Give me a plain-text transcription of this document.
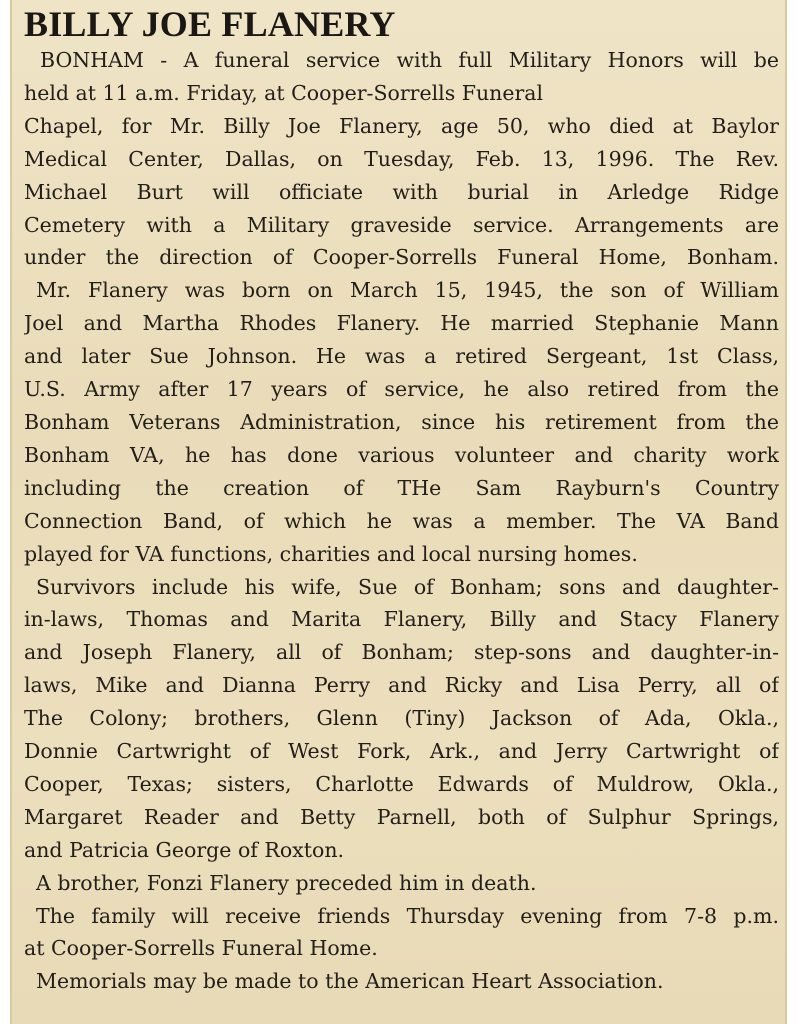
BILLY JOE FLANERY
BONHAM - A funeral service with full Military Honors will be
held at 11 a.m. Friday, at Cooper-Sorrells Funeral
Chapel, for Mr. Billy Joe Flanery, age 50, who died at Baylor
Medical Center, Dallas, on Tuesday, Feb. 13, 1996. The Rev.
Michael Burt will officiate with burial in Arledge Ridge
Cemetery with a Military graveside service. Arrangements are
under the direction of Cooper-Sorrells Funeral Home, Bonham.
Mr. Flanery was born on March 15, 1945, the son of William
Joel and Martha Rhodes Flanery. He married Stephanie Mann
and later Sue Johnson. He was a retired Sergeant, 1st Class,
U.S. Army after 17 years of service, he also retired from the
Bonham Veterans Administration, since his retirement from the
Bonham VA, he has done various volunteer and charity work
including the creation of THe Sam Rayburn's Country
Connection Band, of which he was a member. The VA Band
played for VA functions, charities and local nursing homes.
Survivors include his wife, Sue of Bonham; sons and daughter-
in-laws, Thomas and Marita Flanery, Billy and Stacy Flanery
and Joseph Flanery, all of Bonham; step-sons and daughter-in-
laws, Mike and Dianna Perry and Ricky and Lisa Perry, all of
The Colony; brothers, Glenn (Tiny) Jackson of Ada, Okla.,
Donnie Cartwright of West Fork, Ark., and Jerry Cartwright of
Cooper, Texas; sisters, Charlotte Edwards of Muldrow, Okla.,
Margaret Reader and Betty Parnell, both of Sulphur Springs,
and Patricia George of Roxton.
A brother, Fonzi Flanery preceded him in death.
The family will receive friends Thursday evening from 7-8 p.m.
at Cooper-Sorrells Funeral Home.
Memorials may be made to the American Heart Association.
